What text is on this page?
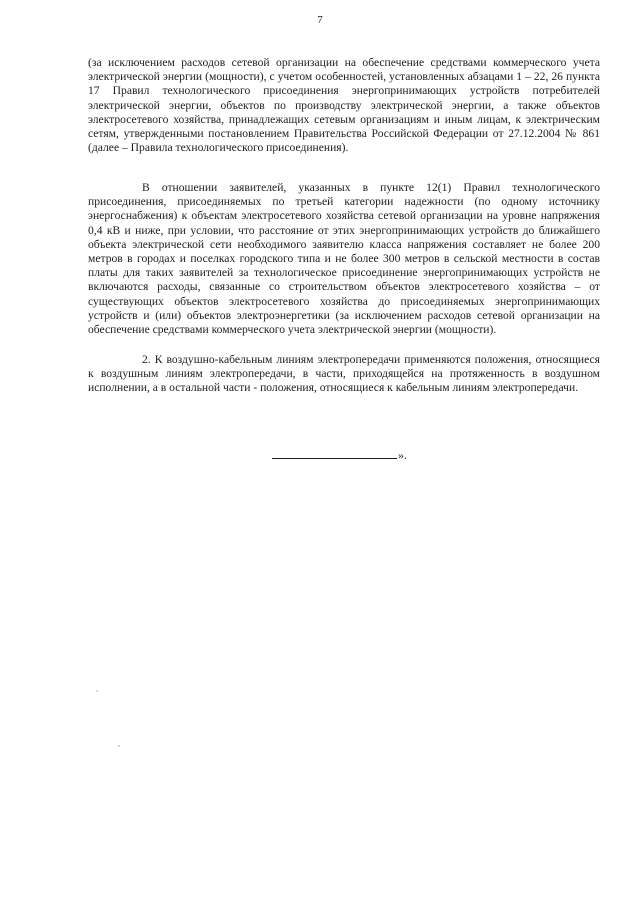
7
(за исключением расходов сетевой организации на обеспечение средствами коммерческого учета электрической энергии (мощности), с учетом особенностей, установленных абзацами 1 – 22, 26 пункта 17 Правил технологического присоединения энергопринимающих устройств потребителей электрической энергии, объектов по производству электрической энергии, а также объектов электросетевого хозяйства, принадлежащих сетевым организациям и иным лицам, к электрическим сетям, утвержденными постановлением Правительства Российской Федерации от 27.12.2004 № 861 (далее – Правила технологического присоединения).
В отношении заявителей, указанных в пункте 12(1) Правил технологического присоединения, присоединяемых по третьей категории надежности (по одному источнику энергоснабжения) к объектам электросетевого хозяйства сетевой организации на уровне напряжения 0,4 кВ и ниже, при условии, что расстояние от этих энергопринимающих устройств до ближайшего объекта электрической сети необходимого заявителю класса напряжения составляет не более 200 метров в городах и поселках городского типа и не более 300 метров в сельской местности в состав платы для таких заявителей за технологическое присоединение энергопринимающих устройств не включаются расходы, связанные со строительством объектов электросетевого хозяйства – от существующих объектов электросетевого хозяйства до присоединяемых энергопринимающих устройств и (или) объектов электроэнергетики (за исключением расходов сетевой организации на обеспечение средствами коммерческого учета электрической энергии (мощности).
2. К воздушно-кабельным линиям электропередачи применяются положения, относящиеся к воздушным линиям электропередачи, в части, приходящейся на протяженность в воздушном исполнении, а в остальной части - положения, относящиеся к кабельным линиям электропередачи.
».
